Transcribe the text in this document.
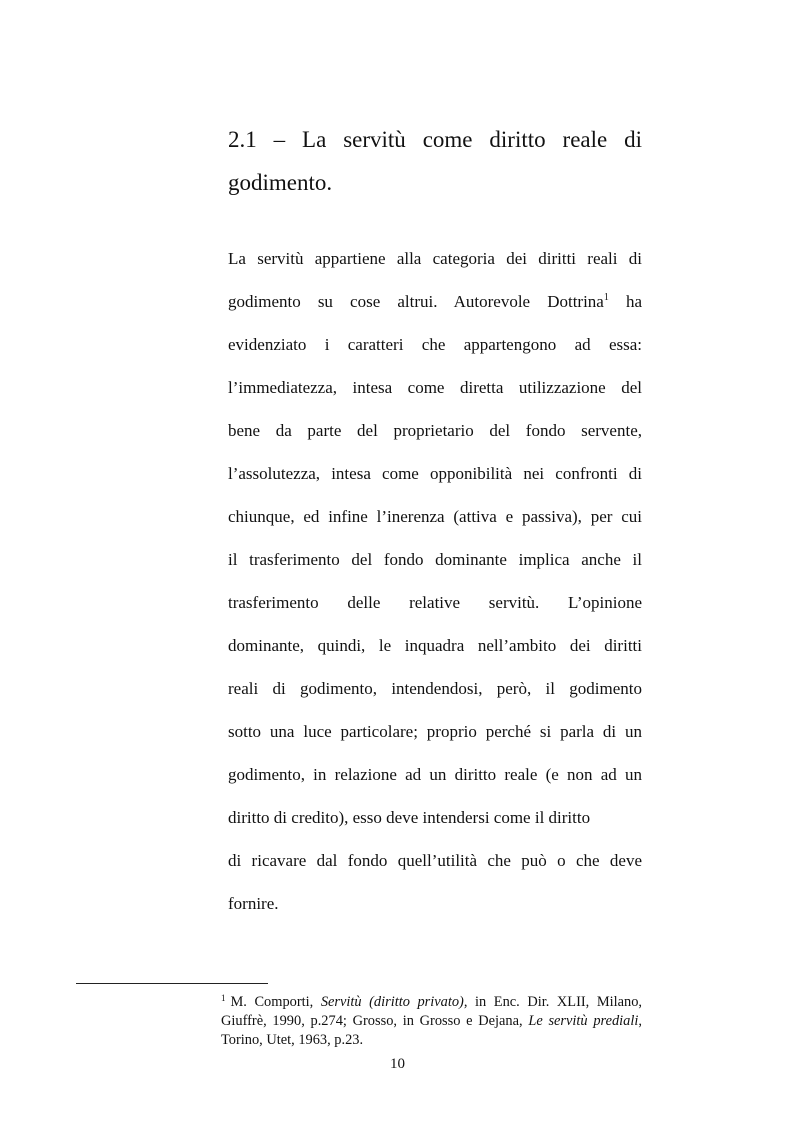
2.1 – La servitù come diritto reale di
godimento.
La servitù appartiene alla categoria dei diritti reali di
godimento su cose altrui. Autorevole Dottrina$^1$ ha
evidenziato i caratteri che appartengono ad essa:
l’immediatezza, intesa come diretta utilizzazione del
bene da parte del proprietario del fondo servente,
l’assolutezza, intesa come opponibilità nei confronti di
chiunque, ed infine l’inerenza (attiva e passiva), per cui
il trasferimento del fondo dominante implica anche il
trasferimento delle relative servitù. L’opinione
dominante, quindi, le inquadra nell’ambito dei diritti
reali di godimento, intendendosi, però, il godimento
sotto una luce particolare; proprio perché si parla di un
godimento, in relazione ad un diritto reale (e non ad un
diritto di credito), esso deve intendersi come il diritto
di ricavare dal fondo quell’utilità che può o che deve
fornire.
$^1$ M. Comporti, Servitù (diritto privato), in Enc. Dir. XLII, Milano, Giuffrè, 1990, p.274; Grosso, in Grosso e Dejana, Le servitù prediali, Torino, Utet, 1963, p.23.
10
